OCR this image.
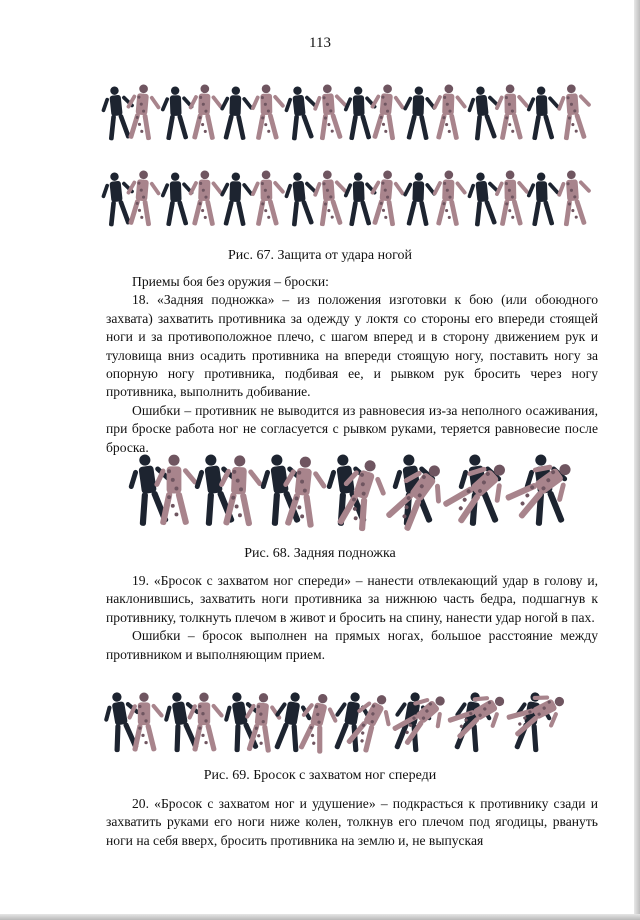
113
Рис. 67. Защита от удара ногой

Приемы боя без оружия – броски:

18. «Задняя подножка» – из положения изготовки к бою (или обоюдного захвата) захватить противника за одежду у локтя со стороны его впереди стоящей ноги и за противоположное плечо, с шагом вперед и в сторону движением рук и туловища вниз осадить противника на впереди стоящую ногу, поставить ногу за опорную ногу противника, подбивая ее, и рывком рук бросить через ногу противника, выполнить добивание.

Ошибки – противник не выводится из равновесия из-за неполного осаживания, при броске работа ног не согласуется с рывком руками, теряется равновесие после броска.

Рис. 68. Задняя подножка

19. «Бросок с захватом ног спереди» – нанести отвлекающий удар в голову и, наклонившись, захватить ноги противника за нижнюю часть бедра, подшагнув к противнику, толкнуть плечом в живот и бросить на спину, нанести удар ногой в пах.

Ошибки – бросок выполнен на прямых ногах, большое расстояние между противником и выполняющим прием.

Рис. 69. Бросок с захватом ног спереди

20. «Бросок с захватом ног и удушение» – подкрасться к противнику сзади и захватить руками его ноги ниже колен, толкнув его плечом под ягодицы, рвануть ноги на себя вверх, бросить противника на землю и, не выпуская
